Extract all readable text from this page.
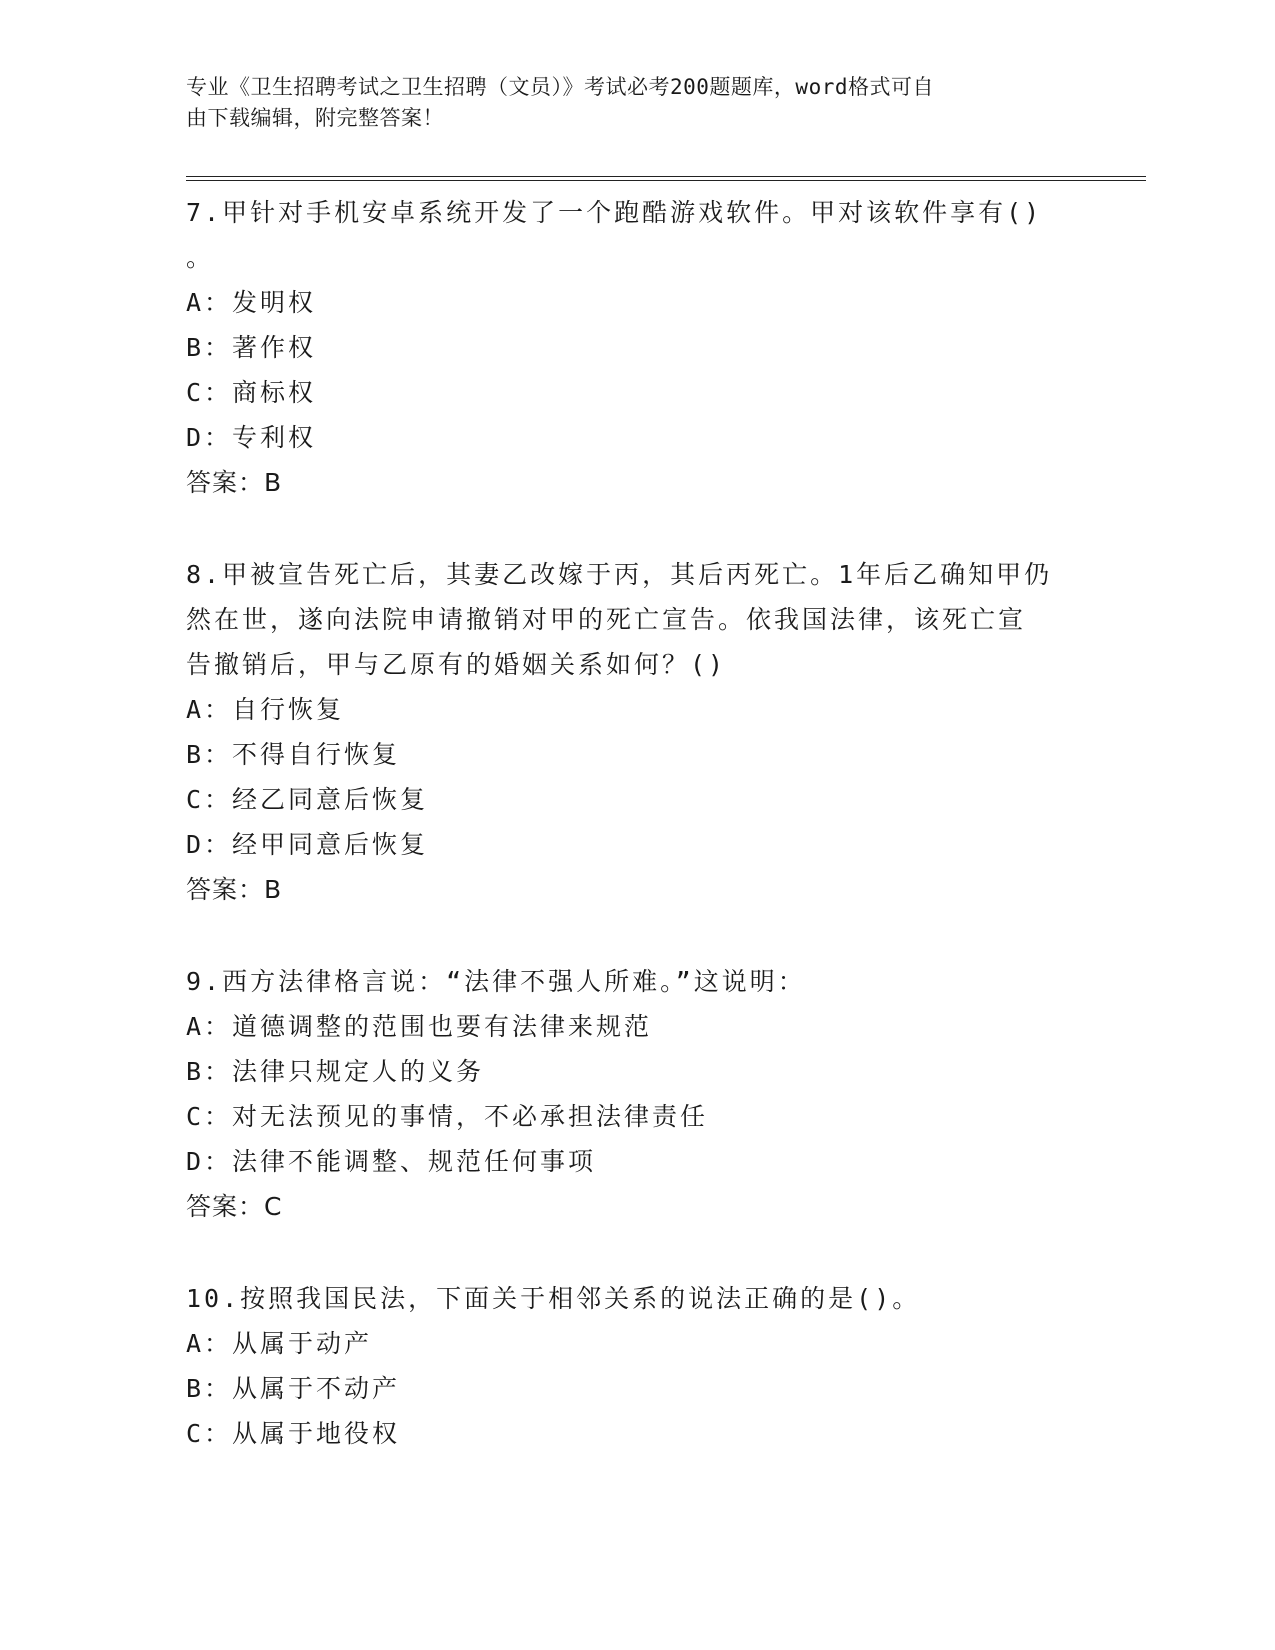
专业《卫生招聘考试之卫生招聘（文员）》考试必考200题题库，word格式可自
由下载编辑，附完整答案！
7.甲针对手机安卓系统开发了一个跑酷游戏软件。甲对该软件享有()
。
A：发明权
B：著作权
C：商标权
D：专利权
答案：B
8.甲被宣告死亡后，其妻乙改嫁于丙，其后丙死亡。1年后乙确知甲仍
然在世，遂向法院申请撤销对甲的死亡宣告。依我国法律，该死亡宣
告撤销后，甲与乙原有的婚姻关系如何？()
A：自行恢复
B：不得自行恢复
C：经乙同意后恢复
D：经甲同意后恢复
答案：B
9.西方法律格言说：“法律不强人所难。”这说明：
A：道德调整的范围也要有法律来规范
B：法律只规定人的义务
C：对无法预见的事情，不必承担法律责任
D：法律不能调整、规范任何事项
答案：C
10.按照我国民法，下面关于相邻关系的说法正确的是()。
A：从属于动产
B：从属于不动产
C：从属于地役权
